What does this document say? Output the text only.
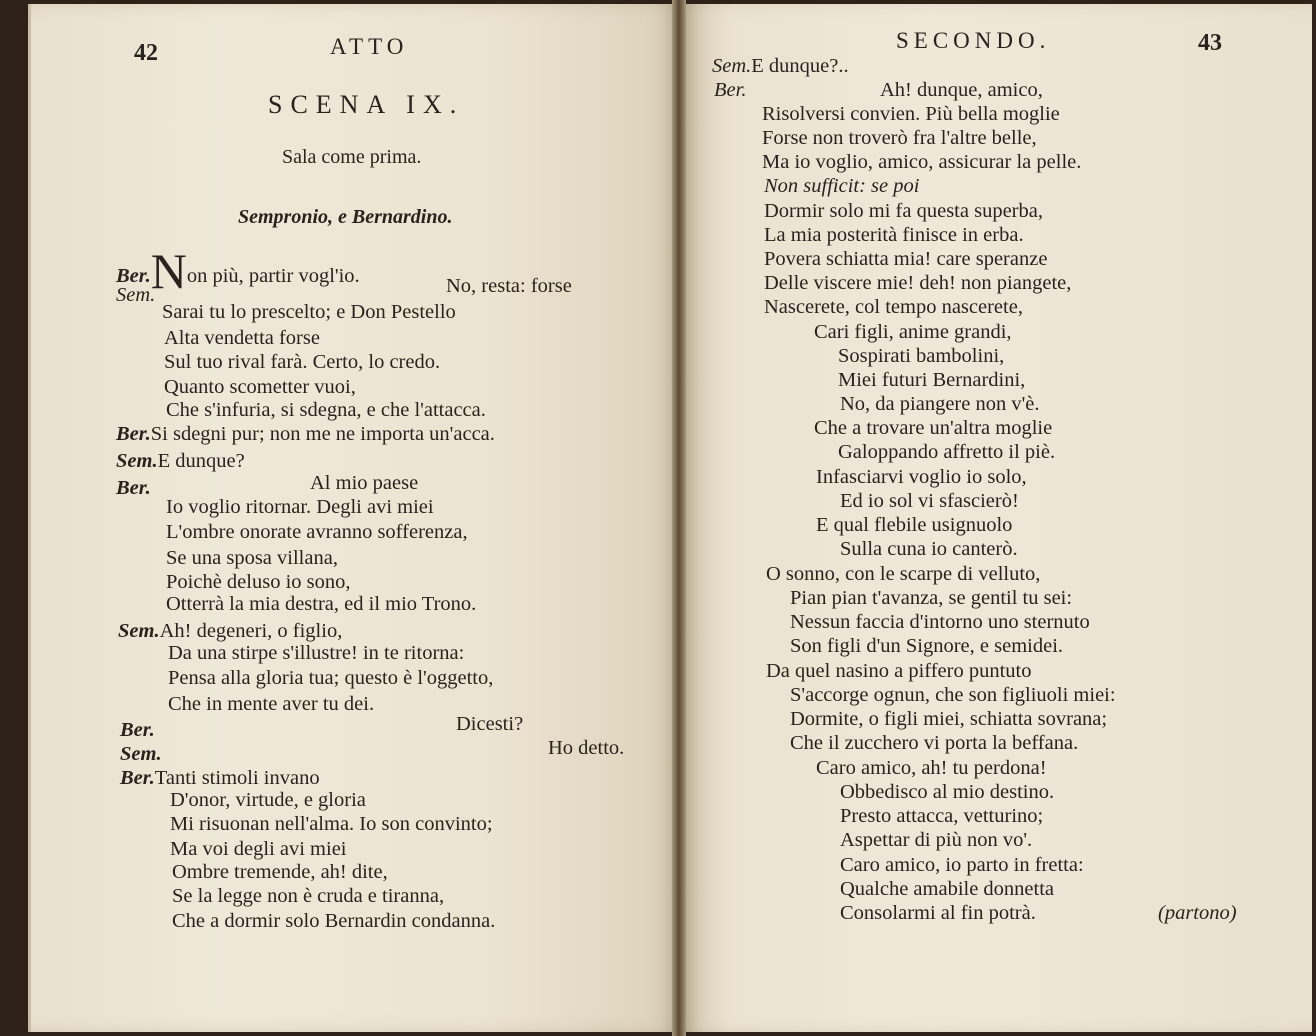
42	ATTO
SCENA IX.
Sala come prima.
Sempronio, e Bernardino.
Ber.Non più, partir vogl'io.
Sem.	No, resta: forse
Sarai tu lo prescelto; e Don Pestello
Alta vendetta forse
Sul tuo rival farà. Certo, lo credo.
Quanto scometter vuoi,
Che s'infuria, si sdegna, e che l'attacca.
Ber.Si sdegni pur; non me ne importa un'acca.
Sem.E dunque?
Ber.	Al mio paese
Io voglio ritornar. Degli avi miei
L'ombre onorate avranno sofferenza,
Se una sposa villana,
Poichè deluso io sono,
Otterrà la mia destra, ed il mio Trono.
Sem.Ah! degeneri, o figlio,
Da una stirpe s'illustre! in te ritorna:
Pensa alla gloria tua; questo è l'oggetto,
Che in mente aver tu dei.
Ber.	Dicesti?
Sem.	Ho detto.
Ber.Tanti stimoli invano
D'onor, virtude, e gloria
Mi risuonan nell'alma. Io son convinto;
Ma voi degli avi miei
Ombre tremende, ah! dite,
Se la legge non è cruda e tiranna,
Che a dormir solo Bernardin condanna.
SECONDO.	43
Sem.E dunque?..
Ber.	Ah! dunque, amico,
Risolversi convien. Più bella moglie
Forse non troverò fra l'altre belle,
Ma io voglio, amico, assicurar la pelle.
Non sufficit: se poi
Dormir solo mi fa questa superba,
La mia posterità finisce in erba.
Povera schiatta mia! care speranze
Delle viscere mie! deh! non piangete,
Nascerete, col tempo nascerete,
Cari figli, anime grandi,
Sospirati bambolini,
Miei futuri Bernardini,
No, da piangere non v'è.
Che a trovare un'altra moglie
Galoppando affretto il piè.
Infasciarvi voglio io solo,
Ed io sol vi sfascierò!
E qual flebile usignuolo
Sulla cuna io canterò.
O sonno, con le scarpe di velluto,
Pian pian t'avanza, se gentil tu sei:
Nessun faccia d'intorno uno sternuto
Son figli d'un Signore, e semidei.
Da quel nasino a piffero puntuto
S'accorge ognun, che son figliuoli miei:
Dormite, o figli miei, schiatta sovrana;
Che il zucchero vi porta la beffana.
Caro amico, ah! tu perdona!
Obbedisco al mio destino.
Presto attacca, vetturino;
Aspettar di più non vo'.
Caro amico, io parto in fretta:
Qualche amabile donnetta
Consolarmi al fin potrà.	(partono)
